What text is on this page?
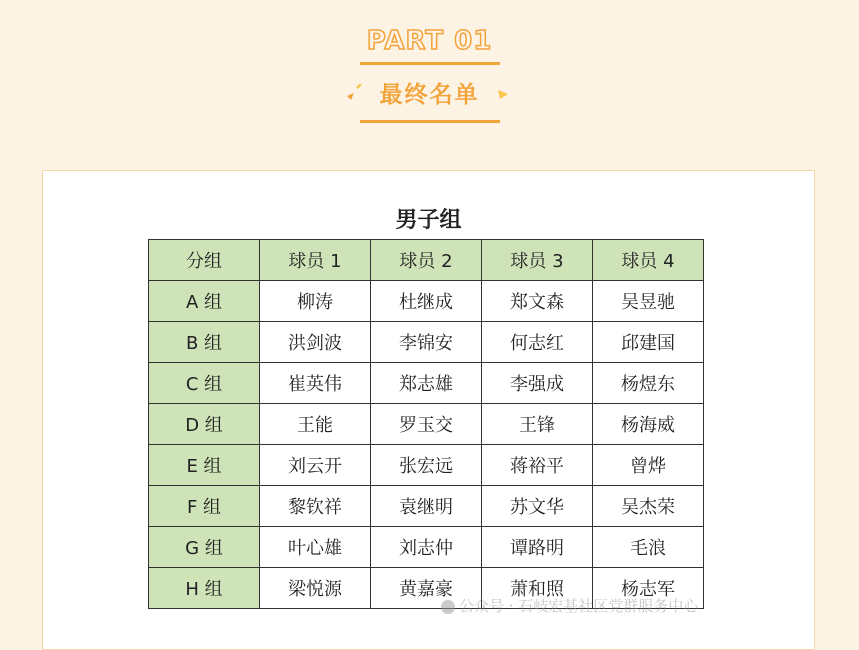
PART 01
最终名单
男子组
分组	球员 1	球员 2	球员 3	球员 4
A 组	柳涛	杜继成	郑文森	吴昱驰
B 组	洪剑波	李锦安	何志红	邱建国
C 组	崔英伟	郑志雄	李强成	杨煜东
D 组	王能	罗玉交	王锋	杨海威
E 组	刘云开	张宏远	蒋裕平	曾烨
F 组	黎钦祥	袁继明	苏文华	吴杰荣
G 组	叶心雄	刘志仲	谭路明	毛浪
H 组	梁悦源	黄嘉豪	萧和照	杨志军
公众号 · 石岐宏基社区党群服务中心
